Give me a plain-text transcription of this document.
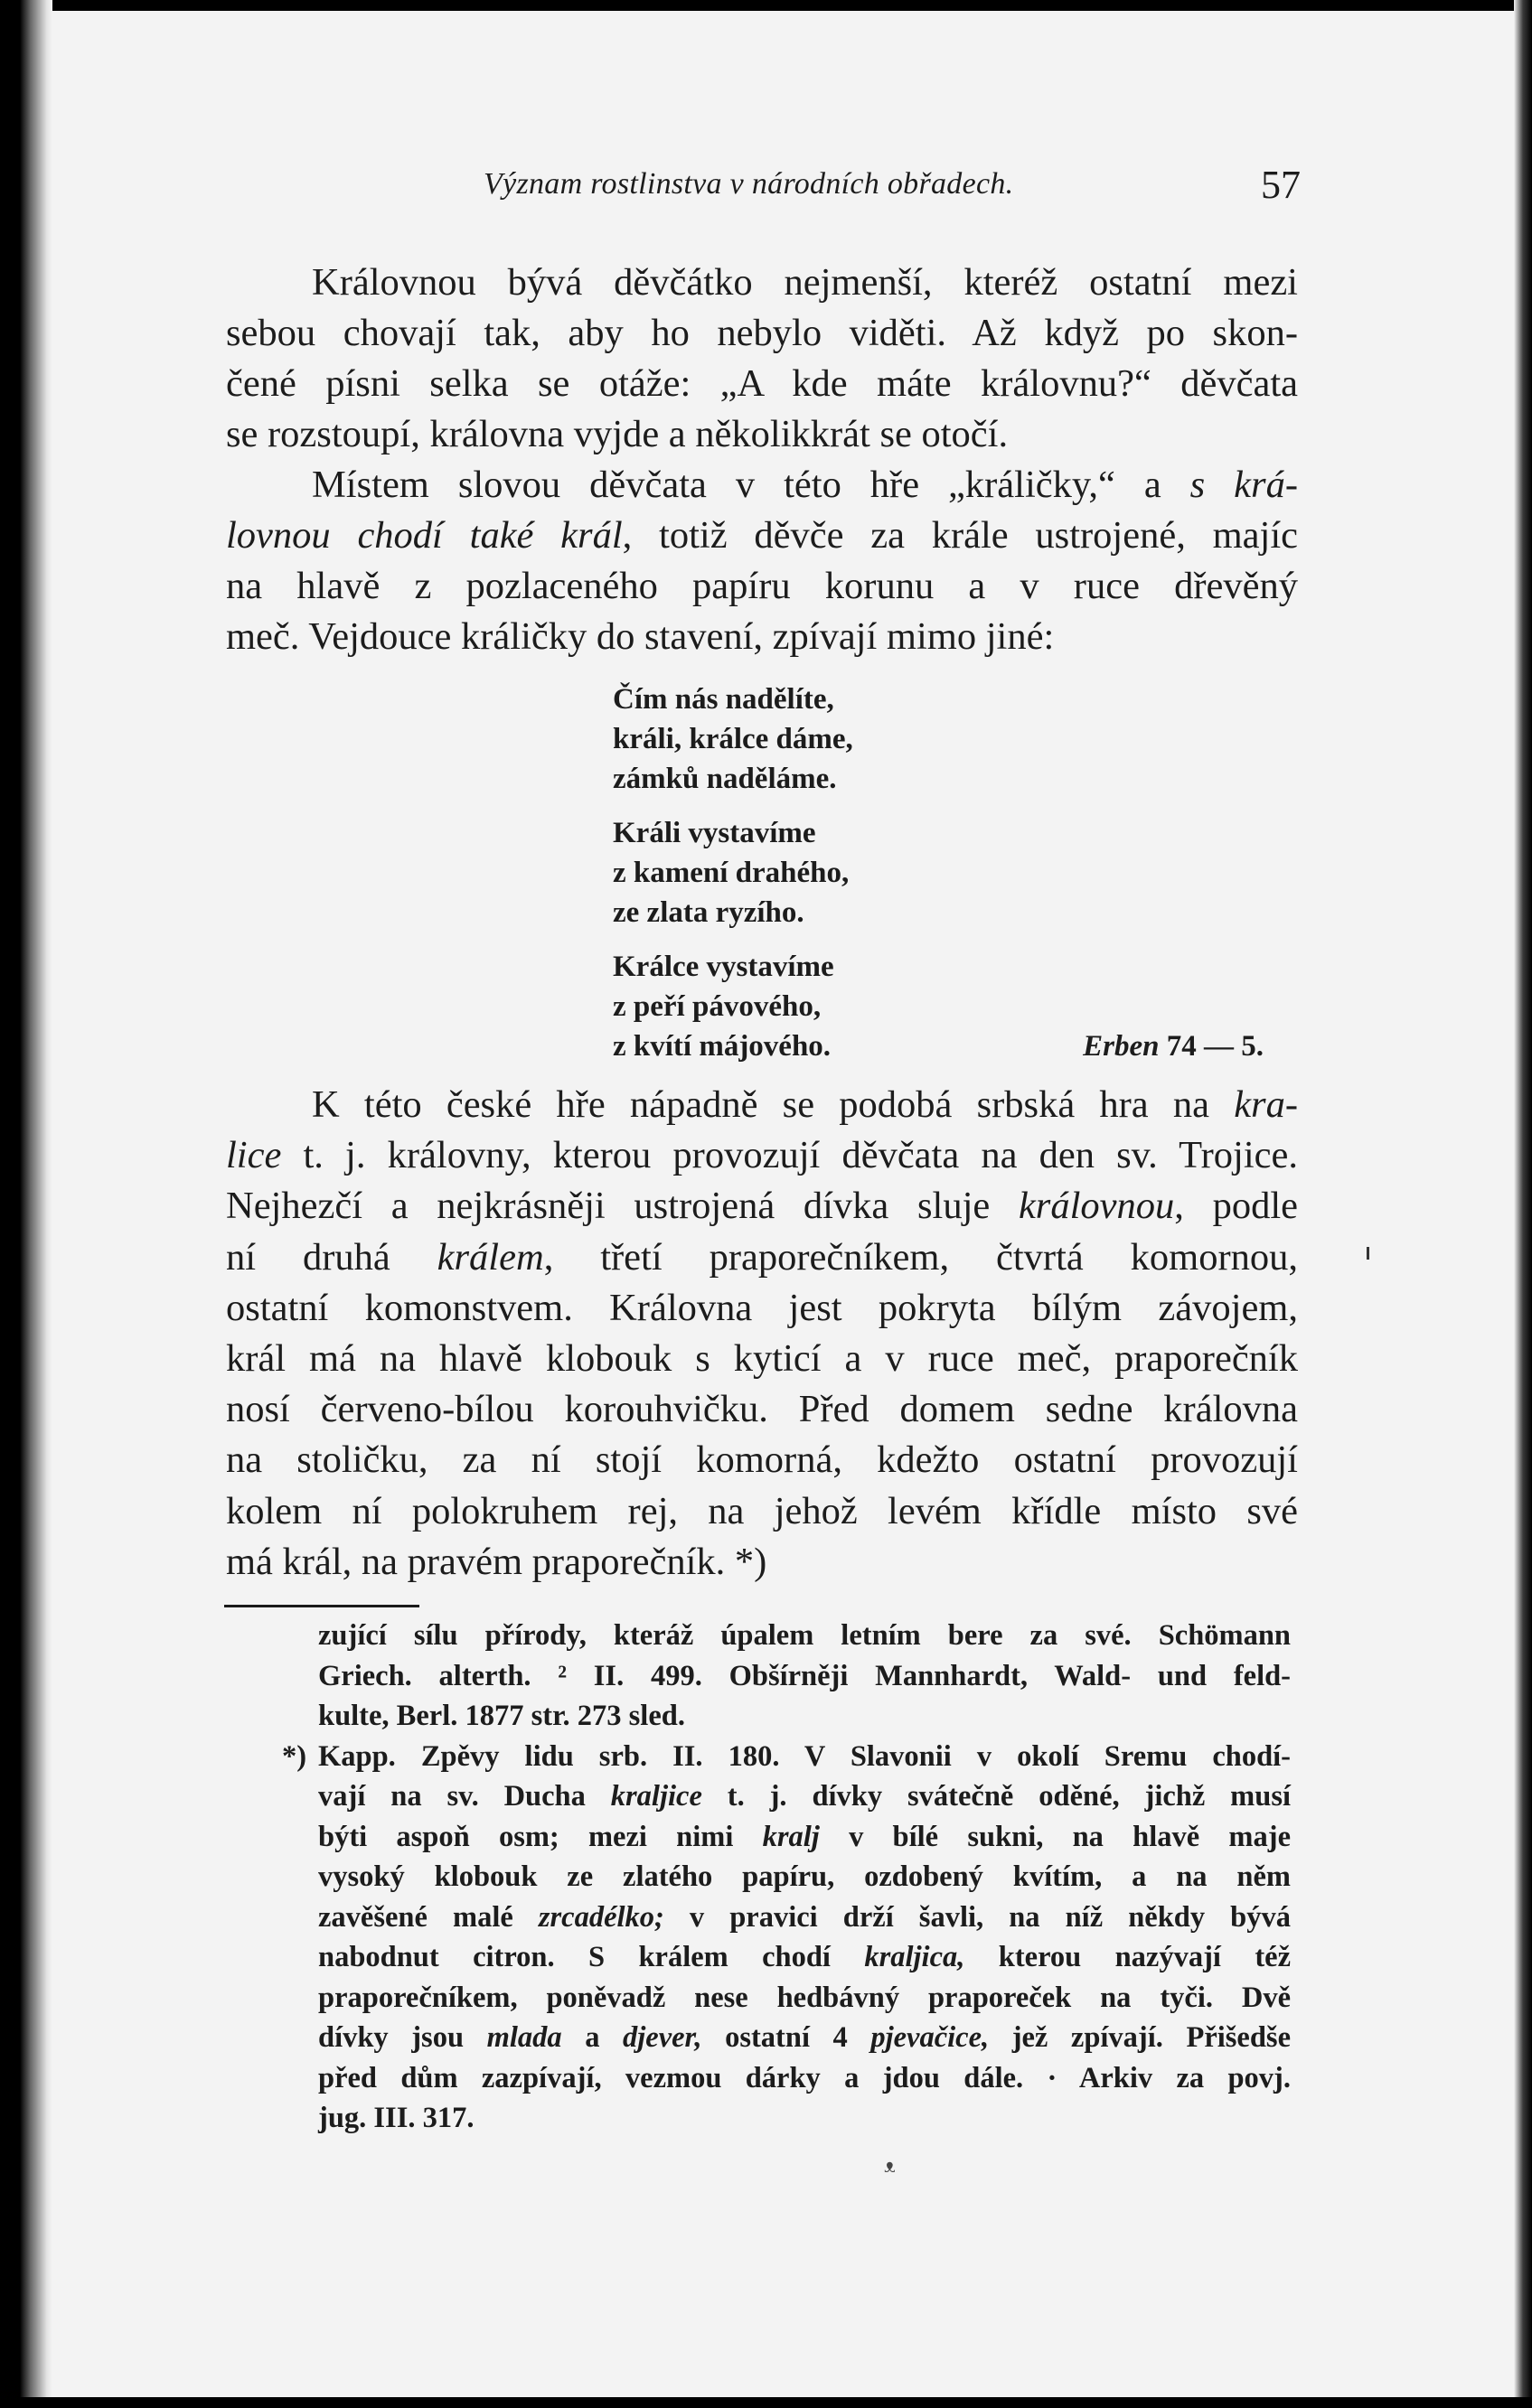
Význam rostlinstva v národních obřadech.	57
Královnou bývá děvčátko nejmenší, kteréž ostatní mezi
sebou chovají tak, aby ho nebylo viděti. Až když po skon-
čené písni selka se otáže: „A kde máte královnu?“ děvčata
se rozstoupí, královna vyjde a několikkrát se otočí.
Místem slovou děvčata v této hře „králičky,“ a s krá-
lovnou chodí také král, totiž děvče za krále ustrojené, majíc
na hlavě z pozlaceného papíru korunu a v ruce dřevěný
meč. Vejdouce králičky do stavení, zpívají mimo jiné:
Čím nás nadělíte,
králi, králce dáme,
zámků naděláme.
Králi vystavíme
z kamení drahého,
ze zlata ryzího.
Králce vystavíme
z peří pávového,
z kvítí májového.	Erben 74 — 5.
K této české hře nápadně se podobá srbská hra na kra-
lice t. j. královny, kterou provozují děvčata na den sv. Trojice.
Nejhezčí a nejkrásněji ustrojená dívka sluje královnou, podle
ní druhá králem, třetí praporečníkem, čtvrtá komornou,
ostatní komonstvem. Královna jest pokryta bílým závojem,
král má na hlavě klobouk s kyticí a v ruce meč, praporečník
nosí červeno-bílou korouhvičku. Před domem sedne královna
na stoličku, za ní stojí komorná, kdežto ostatní provozují
kolem ní polokruhem rej, na jehož levém křídle místo své
má král, na pravém praporečník. *)
zující sílu přírody, kteráž úpalem letním bere za své. Schömann
Griech. alterth. ² II. 499. Obšírněji Mannhardt, Wald- und feld-
kulte, Berl. 1877 str. 273 sled.
*) Kapp. Zpěvy lidu srb. II. 180. V Slavonii v okolí Sremu chodí-
vají na sv. Ducha kraljice t. j. dívky svátečně oděné, jichž musí
býti aspoň osm; mezi nimi kralj v bílé sukni, na hlavě maje
vysoký klobouk ze zlatého papíru, ozdobený kvítím, a na něm
zavěšené malé zrcadélko; v pravici drží šavli, na níž někdy bývá
nabodnut citron. S králem chodí kraljica, kterou nazývají též
praporečníkem, poněvadž nese hedbávný praporeček na tyči. Dvě
dívky jsou mlada a djever, ostatní 4 pjevačice, jež zpívají. Přišedše
před dům zazpívají, vezmou dárky a jdou dále. · Arkiv za povj.
jug. III. 317.
ᴥ
